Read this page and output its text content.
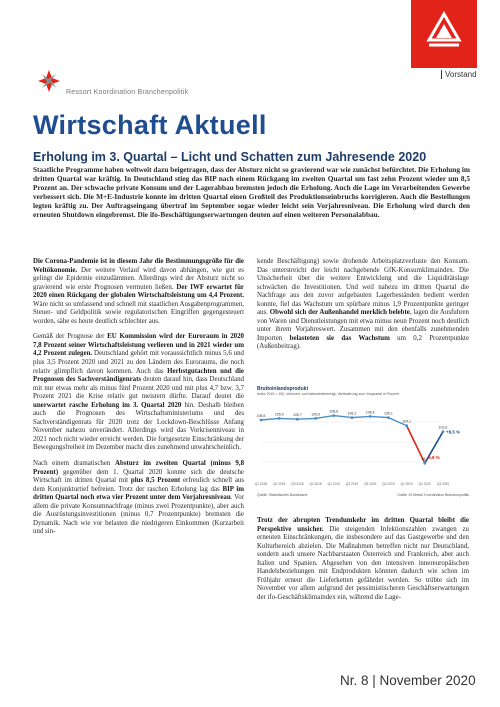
Vorstand
Ressort Koordination Branchenpolitik
Wirtschaft Aktuell
Erholung im 3. Quartal – Licht und Schatten zum Jahresende 2020
Staatliche Programme haben weltweit dazu beigetragen, dass der Absturz nicht so gravierend war wie zunächst befürchtet. Die Erholung im dritten Quartal war kräftig. In Deutschland stieg das BIP nach einem Rückgang im zweiten Quartal um fast zehn Prozent wieder um 8,5 Prozent an. Der schwache private Konsum und der Lagerabbau bremsten jedoch die Erholung. Auch die Lage im Verarbeitenden Gewerbe verbessert sich. Die M+E-Industrie konnte im dritten Quartal einen Großteil des Produktionseinbruchs korrigieren. Auch die Bestellungen legten kräftig zu. Der Auftragseingang übertraf im September sogar wieder leicht sein Vorjahresniveau. Die Erholung wird durch den erneuten Shutdown eingebremst. Die ifo-Beschäftigungserwartungen deuten auf einen weiteren Personalabbau.

Die Corona-Pandemie ist in diesem Jahr die Bestimmungsgröße für die Weltökonomie. Der weitere Verlauf wird davon abhängen, wie gut es gelingt die Epidemie einzudämmen. Allerdings wird der Absturz nicht so gravierend wie erste Prognosen vermuten ließen. Der IWF erwartet für 2020 einen Rückgang der globalen Wirtschaftsleistung um 4,4 Prozent. Wäre nicht so umfassend und schnell mit staatlichen Ausgabenprogrammen, Steuer- und Geldpolitik sowie regulatorischen Eingriffen gegengesteuert worden, sähe es heute deutlich schlechter aus.

Gemäß der Prognose der EU Kommission wird der Euroraum in 2020 7,8 Prozent seiner Wirtschaftsleistung verlieren und in 2021 wieder um 4,2 Prozent zulegen. Deutschland gehört mit voraussichtlich minus 5,6 und plus 3,5 Prozent 2020 und 2021 zu den Ländern des Euroraums, die noch relativ glimpflich davon kommen. Auch das Herbstgutachten und die Prognosen des Sachverständigenrats deuten darauf hin, dass Deutschland mit nur etwas mehr als minus fünf Prozent 2020 und mit plus 4,7 bzw. 3,7 Prozent 2021 die Krise relativ gut meistern dürfte. Darauf deutet die unerwartet rasche Erholung im 3. Quartal 2020 hin. Deshalb bleiben auch die Prognosen des Wirtschaftsministeriums und des Sachverständigenrats für 2020 trotz der Lockdown-Beschlüsse Anfang November nahezu unverändert. Allerdings wird das Vorkrisenniveau in 2021 noch nicht wieder erreicht werden. Die fortgesetzte Einschränkung der Bewegungsfreiheit im Dezember macht dies zunehmend unwahrscheinlich.

Nach einem dramatischen Absturz im zweiten Quartal (minus 9,8 Prozent) gegenüber dem 1. Quartal 2020 konnte sich die deutsche Wirtschaft im dritten Quartal mit plus 8,5 Prozent erfreulich schnell aus dem Konjunkturtief befreien. Trotz der raschen Erholung lag das BIP im dritten Quartal noch etwa vier Prozent unter dem Vorjahresniveau. Vor allem die private Konsumnachfrage (minus zwei Prozentpunkte), aber auch die Ausrüstungsinvestitionen (minus 0,7 Prozentpunkte) bremsten die Dynamik. Nach wie vor belasten die niedrigeren Einkommen (Kurzarbeit und sin-

kende Beschäftigung) sowie drohende Arbeitsplatzverluste den Konsum. Das unterstreicht der leicht nachgebende GfK-Konsumklimaindex. Die Unsicherheit über die weitere Entwicklung und die Liquiditätslage schwächen die Investitionen. Und weil nahezu im dritten Quartal die Nachfrage aus den zuvor aufgebauten Lagerbeständen bedient werden konnte, fiel das Wachstum um spürbare minus 1,9 Prozentpunkte geringer aus. Obwohl sich der Außenhandel merklich belebte, lagen die Ausfuhren von Waren und Dienstleistungen mit etwa minus neun Prozent noch deutlich unter ihrem Vorjahreswert. Zusammen mit den ebenfalls zunehmenden Importen belasteten sie das Wachstum um 0,2 Prozentpunkte (Außenbeitrag).

Bruttoinlandsprodukt
Index 2015 = 100, Volumen- und kalenderbereinigt, Veränderung zum Vorquartal in Prozent
105,5	105,9	105,7	105,9
106,6	106,1	106,4	106,1
104,1
94,7
102,6
Q1 2018 Q2 2018 Q3 2018 Q4 2018 Q1 2019 Q2 2019 Q3 2019 Q4 2019 Q1 2020 Q2 2020 Q3 2020
-9,8 %
+8,5 %
Quelle: Statistisches Bundesamt	Grafik: IG Metall, Koordination Branchenpolitik

Trotz der abrupten Trendumkehr im dritten Quartal bleibt die Perspektive unsicher. Die steigenden Infektionszahlen zwangen zu erneuten Einschränkungen, die insbesondere auf das Gastgewerbe und den Kulturbereich abzielen. Die Maßnahmen betreffen nicht nur Deutschland, sondern auch unsere Nachbarstaaten Österreich und Frankreich, aber auch Italien und Spanien. Abgesehen von den intensiven innereuropäischen Handelsbeziehungen mit Endprodukten könnten dadurch wie schon im Frühjahr erneut die Lieferketten gefährdet werden. So trübte sich im November vor allem aufgrund der pessimistischeren Geschäftserwartungen der ifo-Geschäftsklimaindex ein, während die Lage-

Nr. 8 | November 2020
